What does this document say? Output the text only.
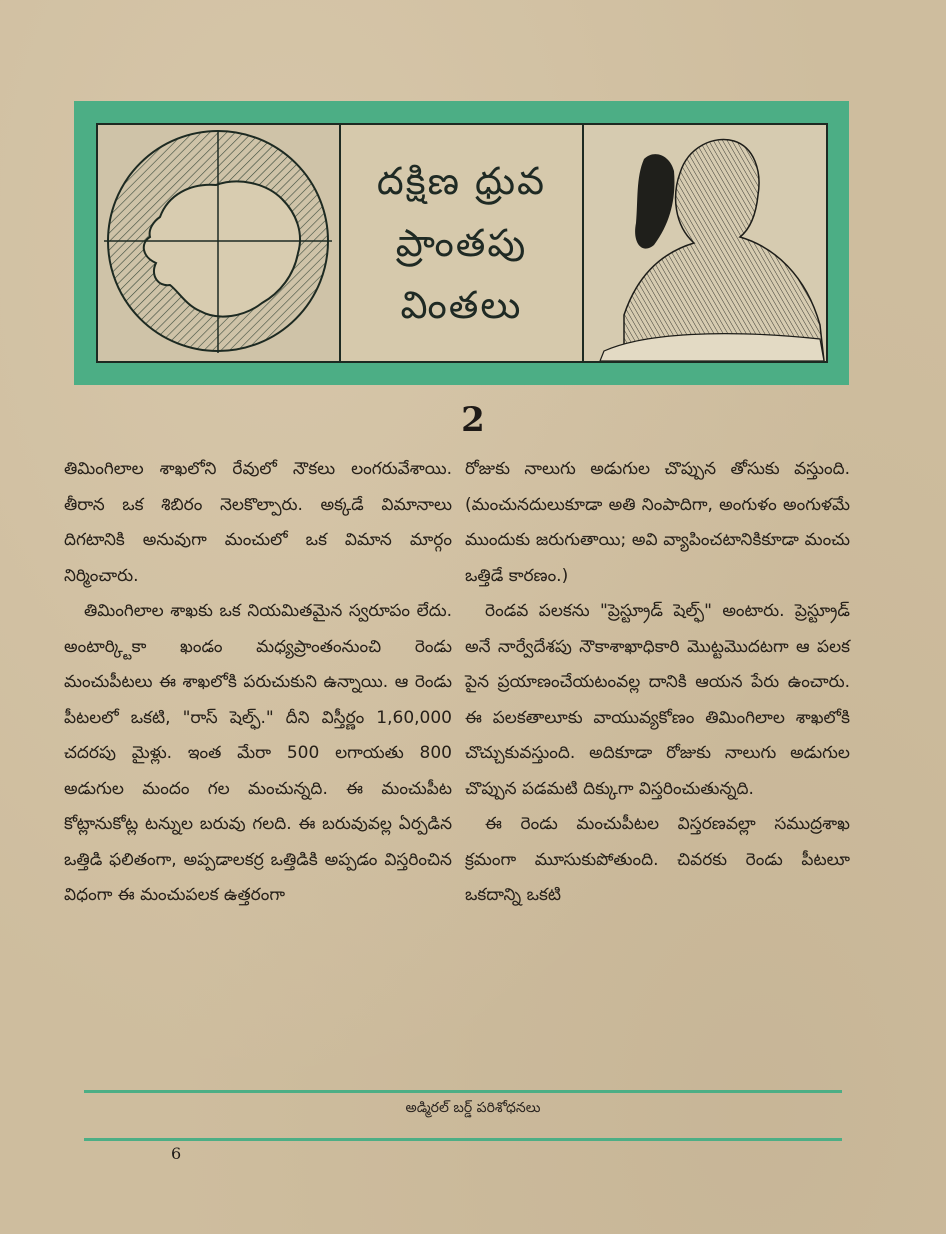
దక్షిణ ధ్రువ
ప్రాంతపు
వింతలు
2

తిమింగిలాల శాఖలోని రేవులో నౌకలు లంగరువేశాయి. తీరాన ఒక శిబిరం నెలకొల్పారు. అక్కడే విమానాలు దిగటానికి అనువుగా మంచులో ఒక విమాన మార్గం నిర్మించారు.

తిమింగిలాల శాఖకు ఒక నియమితమైన స్వరూపం లేదు. అంటార్క్టికా ఖండం మధ్యప్రాంతంనుంచి రెండు మంచుపీటలు ఈ శాఖలోకి పరుచుకుని ఉన్నాయి. ఆ రెండు పీటలలో ఒకటి, "రాస్ షెల్ఫ్." దీని విస్తీర్ణం 1,60,000 చదరపు మైళ్లు. ఇంత మేరా 500 లగాయతు 800 అడుగుల మందం గల మంచున్నది. ఈ మంచుపీట కోట్లానుకోట్ల టన్నుల బరువు గలది. ఈ బరువువల్ల ఏర్పడిన ఒత్తిడి ఫలితంగా, అప్పడాలకర్ర ఒత్తిడికి అప్పడం విస్తరించిన విధంగా ఈ మంచుపలక ఉత్తరంగా

రోజుకు నాలుగు అడుగుల చొప్పున తోసుకు వస్తుంది. (మంచునదులుకూడా అతి నింపాదిగా, అంగుళం అంగుళమే ముందుకు జరుగుతాయి; అవి వ్యాపించటానికికూడా మంచు ఒత్తిడే కారణం.)

రెండవ పలకను "ప్రెస్ట్రూడ్ షెల్ఫ్" అంటారు. ప్రెస్ట్రూడ్ అనే నార్వేదేశపు నౌకాశాఖాధికారి మొట్టమొదటగా ఆ పలక పైన ప్రయాణంచేయటంవల్ల దానికి ఆయన పేరు ఉంచారు. ఈ పలకతాలూకు వాయువ్యకోణం తిమింగిలాల శాఖలోకి చొచ్చుకువస్తుంది. అదికూడా రోజుకు నాలుగు అడుగుల చొప్పున పడమటి దిక్కుగా విస్తరించుతున్నది.

ఈ రెండు మంచుపీటల విస్తరణవల్లా సముద్రశాఖ క్రమంగా మూసుకుపోతుంది. చివరకు రెండు పీటలూ ఒకదాన్ని ఒకటి

అడ్మిరల్ బర్డ్ పరిశోధనలు
6
